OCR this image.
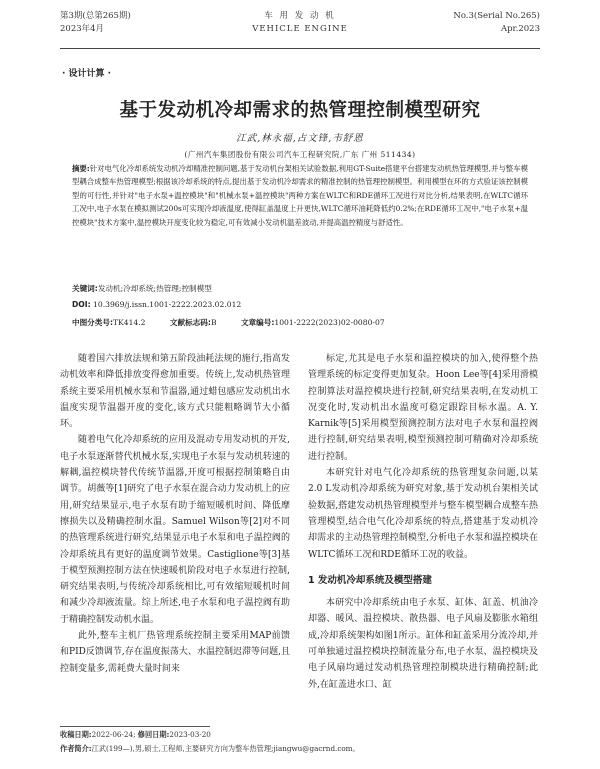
第3期(总第265期)
2023年4月
车 用 发 动 机
VEHICLE ENGINE
No.3(Serial No.265)
Apr.2023
· 设计计算 ·
基于发动机冷却需求的热管理控制模型研究
江武,林永福,占文锋,韦舒恩
(广州汽车集团股份有限公司汽车工程研究院,广东 广州 511434)
摘要:针对电气化冷却系统发动机冷却精准控制问题,基于发动机台架相关试验数据,利用GT-Suite搭建平台搭建发动机热管理模型,并与整车模型耦合成整车热管理模型;根据该冷却系统的特点,提出基于发动机冷却需求的精准控制的热管理控制模型。利用模型在环的方式验证该控制模型的可行性,并针对"电子水泵+温控模块"和"机械水泵+温控模块"两种方案在WLTC和RDE循环工况进行对比分析,结果表明,在WLTC循环工况中,电子水泵在模拟测试200s可实现冷却液温度,使得缸盖温度上升更快,WLTC循环油耗降低约0.2%;在RDE循环工况中,"电子水泵+温控模块"技术方案中,温控模块开度变化较为稳定,可有效减小发动机温差波动,并提高温控精度与舒适性。
关键词:发动机;冷却系统;热管理;控制模型
DOI: 10.3969/j.issn.1001-2222.2023.02.012
中图分类号:TK414.2	文献标志码:B	文章编号:1001-2222(2023)02-0080-07

随着国六排放法规和第五阶段油耗法规的施行,指高发动机效率和降低排放变得愈加重要。传统上,发动机热管理系统主要采用机械水泵和节温器,通过蜡包感应发动机出水温度实现节温器开度的变化,该方式只能粗略调节大小循环。

随着电气化冷却系统的应用及混动专用发动机的开发,电子水泵逐渐替代机械水泵,实现电子水泵与发动机转速的解耦,温控模块替代传统节温器,开度可根据控制策略自由调节。胡薇等[1]研究了电子水泵在混合动力发动机上的应用,研究结果显示,电子水泵有助于缩短暖机时间、降低摩擦损失以及精确控制水温。Samuel Wilson等[2]对不同的热管理系统进行研究,结果显示电子水泵和电子温控阀的冷却系统具有更好的温度调节效果。Castiglione等[3]基于模型预测控制方法在快速暖机阶段对电子水泵进行控制,研究结果表明,与传统冷却系统相比,可有效缩短暖机时间和减少冷却液流量。综上所述,电子水泵和电子温控阀有助于精确控制发动机水温。

此外,整车主机厂热管理系统控制主要采用MAP前馈和PID反馈调节,存在温度振荡大、水温控制迟滞等问题,且控制变量多,需耗费大量时间来

标定,尤其是电子水泵和温控模块的加入,使得整个热管理系统的标定变得更加复杂。Hoon Lee等[4]采用滑模控制算法对温控模块进行控制,研究结果表明,在发动机工况变化时,发动机出水温度可稳定跟踪目标水温。A. Y. Karnik等[5]采用模型预测控制方法对电子水泵和温控阀进行控制,研究结果表明,模型预测控制可精确对冷却系统进行控制。

本研究针对电气化冷却系统的热管理复杂问题,以某2.0 L发动机冷却系统为研究对象,基于发动机台架相关试验数据,搭建发动机热管理模型并与整车模型耦合成整车热管理模型,结合电气化冷却系统的特点,搭建基于发动机冷却需求的主动热管理控制模型,分析电子水泵和温控模块在WLTC循环工况和RDE循环工况的收益。

1 发动机冷却系统及模型搭建

本研究中冷却系统由电子水泵、缸体、缸盖、机油冷却器、暖风、温控模块、散热器、电子风扇及膨胀水箱组成,冷却系统架构如图1所示。缸体和缸盖采用分流冷却,并可单独通过温控模块控制流量分布,电子水泵、温控模块及电子风扇均通过发动机热管理控制模块进行精确控制;此外,在缸盖进水口、缸

收稿日期:2022-06-24; 修回日期:2023-03-20
作者简介:江武(199—),男,硕士,工程师,主要研究方向为整车热管理;jiangwu@gacrnd.com。
